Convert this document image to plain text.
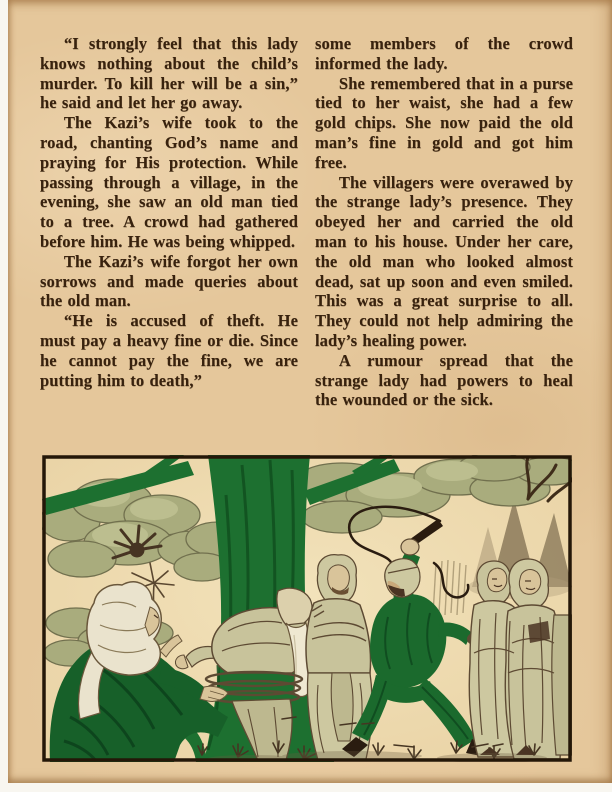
“I strongly feel that this lady knows nothing about the child’s murder. To kill her will be a sin,” he said and let her go away.

The Kazi’s wife took to the road, chanting God’s name and praying for His protection. While passing through a village, in the evening, she saw an old man tied to a tree. A crowd had gathered before him. He was being whipped.

The Kazi’s wife forgot her own sorrows and made queries about the old man.

“He is accused of theft. He must pay a heavy fine or die. Since he cannot pay the fine, we are putting him to death,”

some members of the crowd informed the lady.

She remembered that in a purse tied to her waist, she had a few gold chips. She now paid the old man’s fine in gold and got him free.

The villagers were overawed by the strange lady’s presence. They obeyed her and carried the old man to his house. Under her care, the old man who looked almost dead, sat up soon and even smiled. This was a great surprise to all. They could not help admiring the lady’s healing power.

A rumour spread that the strange lady had powers to heal the wounded or the sick.
